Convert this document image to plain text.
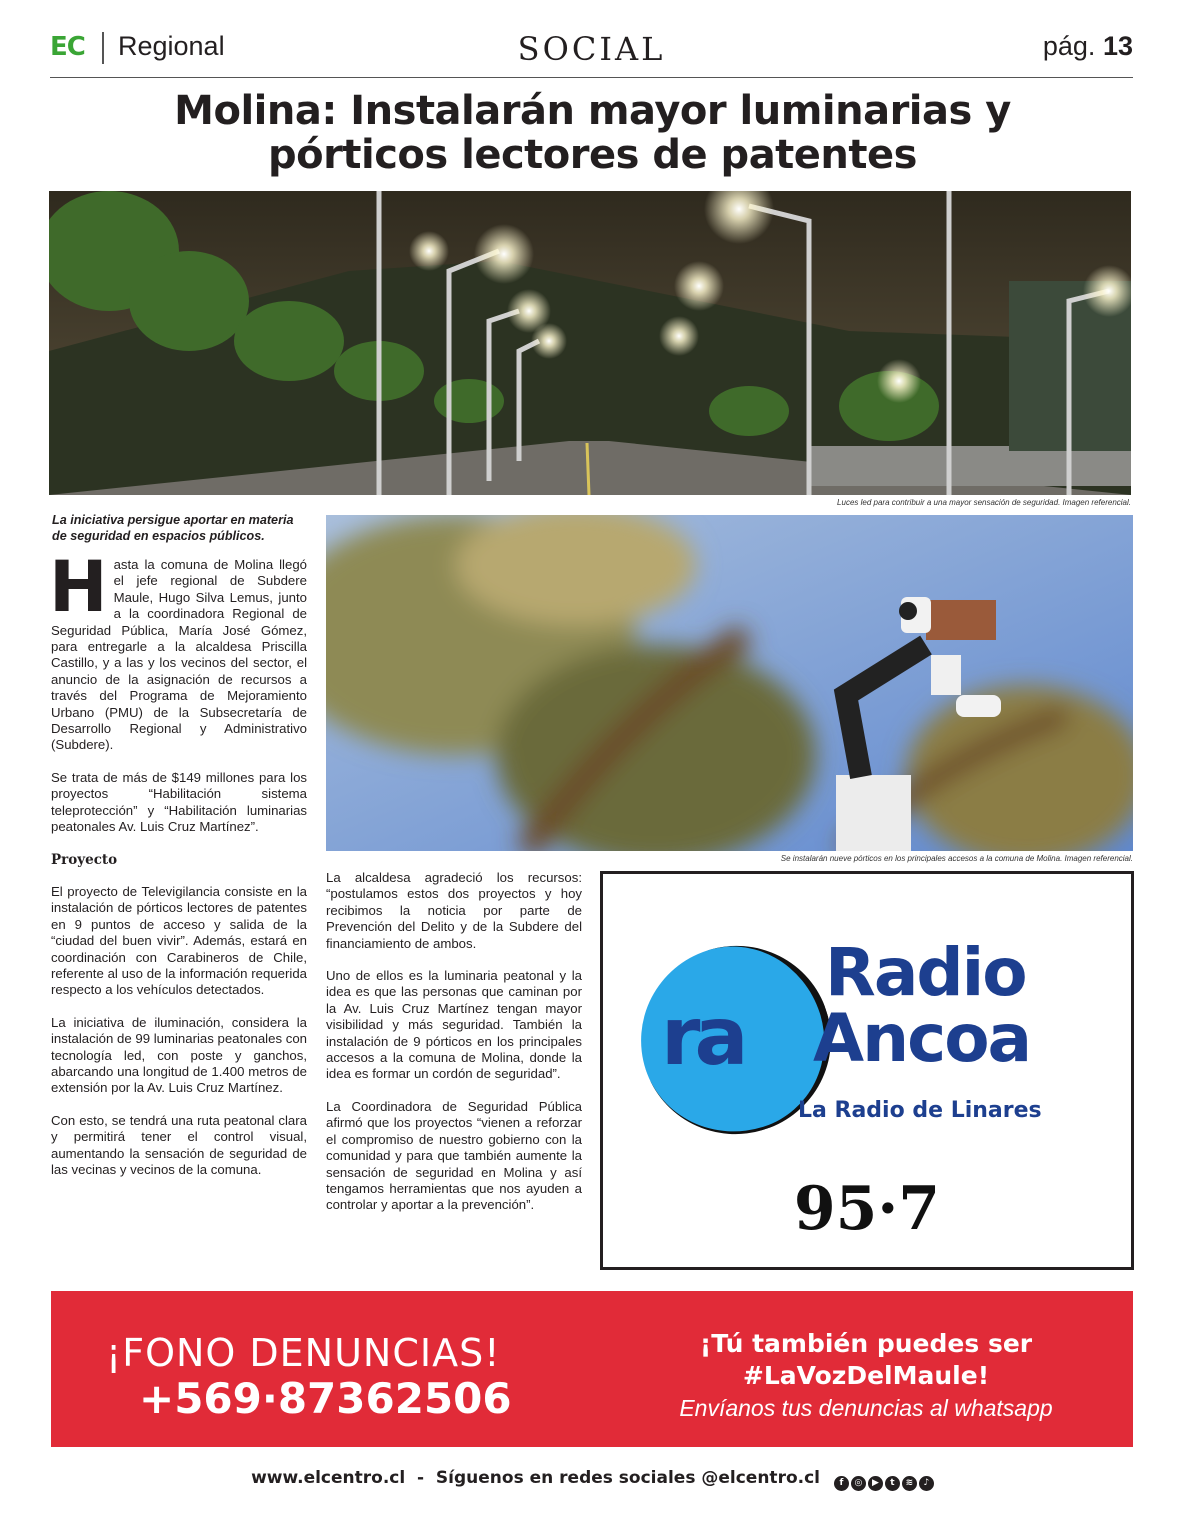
EC Regional	SOCIAL	pág. 13
Molina: Instalarán mayor luminarias y pórticos lectores de patentes
Luces led para contribuir a una mayor sensación de seguridad. Imagen referencial.
Se instalarán nueve pórticos en los principales accesos a la comuna de Molina. Imagen referencial.
La iniciativa persigue aportar en materia de seguridad en espacios públicos.

Hasta la comuna de Molina llegó el jefe regional de Subdere Maule, Hugo Silva Lemus, junto a la coordinadora Regional de Seguridad Pública, María José Gómez, para entregarle a la alcaldesa Priscilla Castillo, y a las y los vecinos del sector, el anuncio de la asignación de recursos a través del Programa de Mejoramiento Urbano (PMU) de la Subsecretaría de Desarrollo Regional y Administrativo (Subdere).

Se trata de más de $149 millones para los proyectos “Habilitación sistema teleprotección” y “Habilitación luminarias peatonales Av. Luis Cruz Martínez”.

Proyecto

El proyecto de Televigilancia consiste en la instalación de pórticos lectores de patentes en 9 puntos de acceso y salida de la “ciudad del buen vivir”. Además, estará en coordinación con Carabineros de Chile, referente al uso de la información requerida respecto a los vehículos detectados.

La iniciativa de iluminación, considera la instalación de 99 luminarias peatonales con tecnología led, con poste y ganchos, abarcando una longitud de 1.400 metros de extensión por la Av. Luis Cruz Martínez.

Con esto, se tendrá una ruta peatonal clara y permitirá tener el control visual, aumentando la sensación de seguridad de las vecinas y vecinos de la comuna.

La alcaldesa agradeció los recursos: “postulamos estos dos proyectos y hoy recibimos la noticia por parte de Prevención del Delito y de la Subdere del financiamiento de ambos.

Uno de ellos es la luminaria peatonal y la idea es que las personas que caminan por la Av. Luis Cruz Martínez tengan mayor visibilidad y más seguridad. También la instalación de 9 pórticos en los principales accesos a la comuna de Molina, donde la idea es formar un cordón de seguridad”.

La Coordinadora de Seguridad Pública afirmó que los proyectos “vienen a reforzar el compromiso de nuestro gobierno con la comunidad y para que también aumente la sensación de seguridad en Molina y así tengamos herramientas que nos ayuden a controlar y aportar a la prevención”.

ra
Radio
Ancoa
La Radio de Linares
95·7
¡FONO DENUNCIAS!
+569·87362506
¡Tú también puedes ser
#LaVozDelMaule!
Envíanos tus denuncias al whatsapp
www.elcentro.cl  -  Síguenos en redes sociales @elcentro.cl	f	◎	▶	t	≋	♪
